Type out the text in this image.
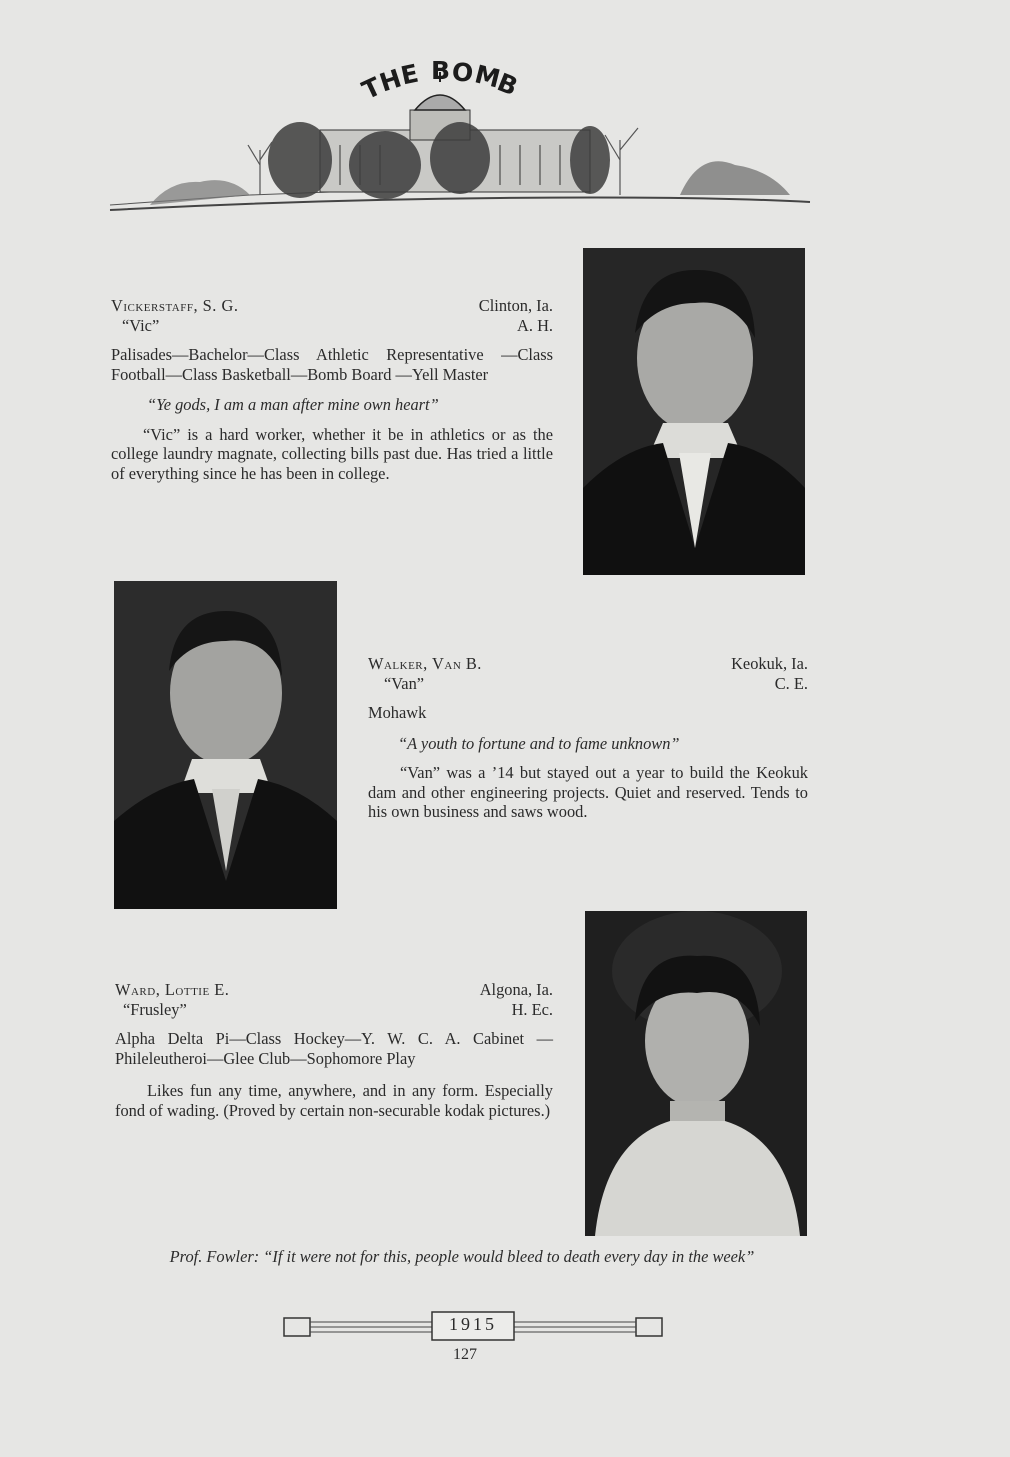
T
H
E B O
M
B
Vickerstaff, S. G.	Clinton, Ia.
“Vic”	A. H.
Palisades—Bachelor—Class Athletic Representative —Class Football—Class Basketball—Bomb Board —Yell Master
“Ye gods, I am a man after mine own heart”
“Vic” is a hard worker, whether it be in athletics or as the college laundry magnate, collecting bills past due. Has tried a little of everything since he has been in college.
Walker, Van B.	Keokuk, Ia.
“Van”	C. E.
Mohawk
“A youth to fortune and to fame unknown”
“Van” was a ’14 but stayed out a year to build the Keokuk dam and other engineering projects. Quiet and reserved. Tends to his own business and saws wood.
Ward, Lottie E.	Algona, Ia.
“Frusley”	H. Ec.
Alpha Delta Pi—Class Hockey—Y. W. C. A. Cabinet —Phileleutheroi—Glee Club—Sophomore Play
Likes fun any time, anywhere, and in any form. Especially fond of wading. (Proved by certain non-securable kodak pictures.)
Prof. Fowler: “If it were not for this, people would bleed to death every day in the week”
1915
127
